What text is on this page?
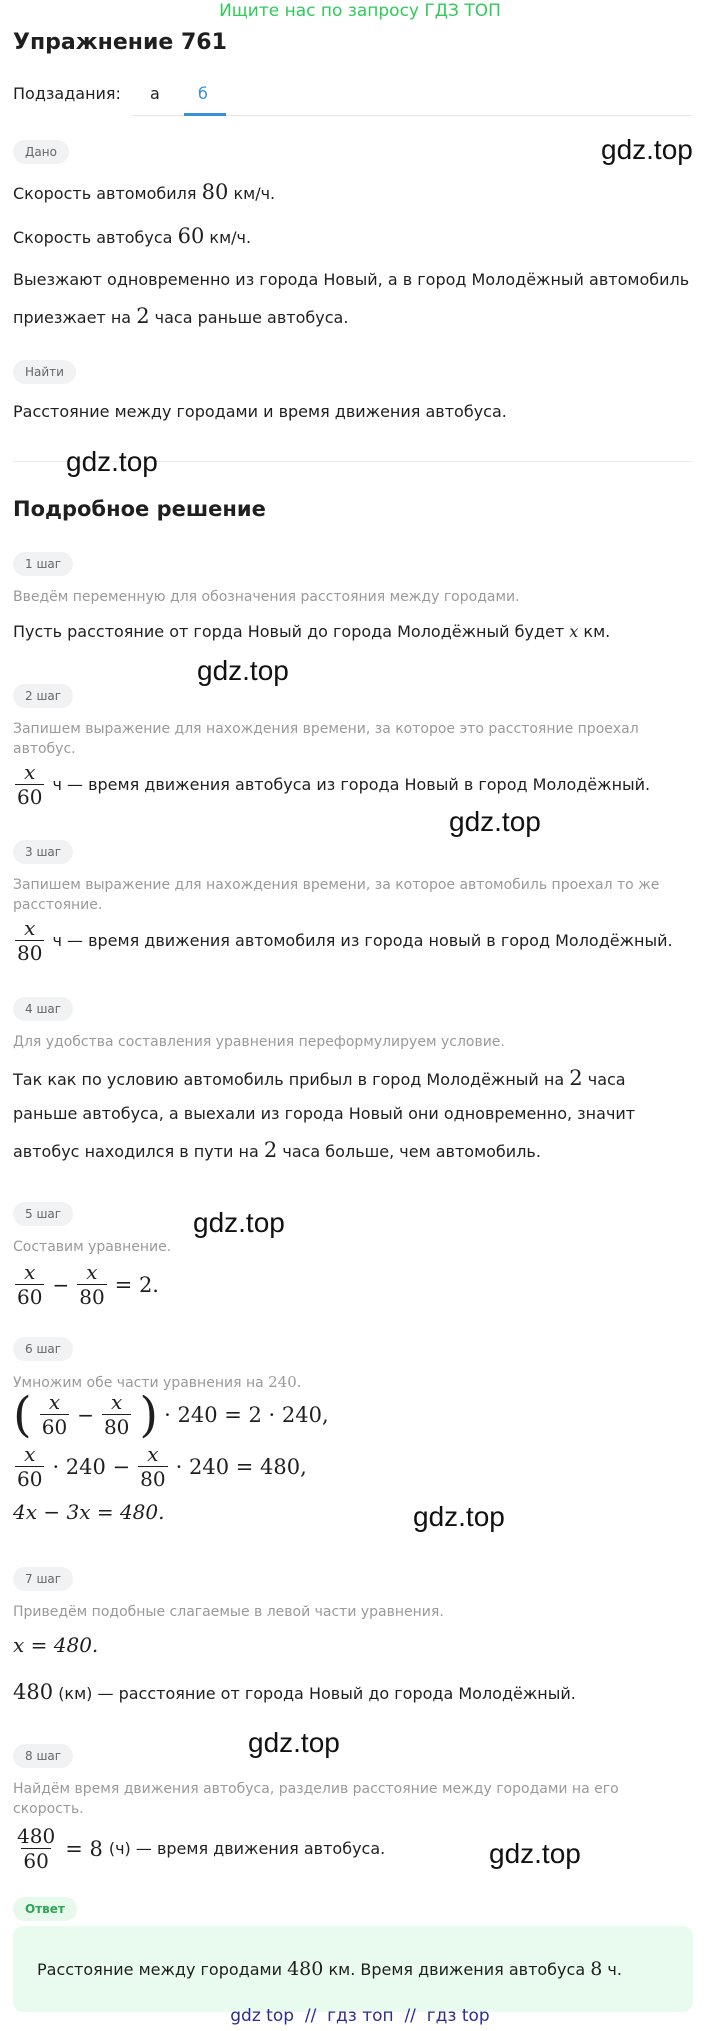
Ищите нас по запросу ГДЗ ТОП
Упражнение 761
Подзадания: а б
Дано
Скорость автомобиля 80 км/ч.
Скорость автобуса 60 км/ч.
Выезжают одновременно из города Новый, а в город Молодёжный автомобиль
приезжает на 2 часа раньше автобуса.
Найти
Расстояние между городами и время движения автобуса.
Подробное решение
1 шаг
Введём переменную для обозначения расстояния между городами.
Пусть расстояние от горда Новый до города Молодёжный будет x км.
2 шаг
Запишем выражение для нахождения времени, за которое это расстояние проехал автобус.
$\frac{x}{60}$ ч — время движения автобуса из города Новый в город Молодёжный.
3 шаг
Запишем выражение для нахождения времени, за которое автомобиль проехал то же расстояние.
$\frac{x}{80}$ ч — время движения автомобиля из города новый в город Молодёжный.
4 шаг
Для удобства составления уравнения переформулируем условие.
Так как по условию автомобиль прибыл в город Молодёжный на 2 часа
раньше автобуса, а выехали из города Новый они одновременно, значит
автобус находился в пути на 2 часа больше, чем автомобиль.
5 шаг
Составим уравнение.
$\frac{x}{60} - \frac{x}{80} = 2$.
6 шаг
Умножим обе части уравнения на 240.
( $\frac{x}{60} - \frac{x}{80}$ ) · 240 = 2 · 240,
$\frac{x}{60} \cdot 240 - \frac{x}{80} \cdot 240 = 480$,
4x − 3x = 480.
7 шаг
Приведём подобные слагаемые в левой части уравнения.
x = 480.
480 (км) — расстояние от города Новый до города Молодёжный.
8 шаг
Найдём время движения автобуса, разделив расстояние между городами на его скорость.
$\frac{480}{60} = 8$ (ч) — время движения автобуса.
Ответ
Расстояние между городами 480 км. Время движения автобуса 8 ч.
gdz.top
gdz.top
gdz.top
gdz.top
gdz.top
gdz.top
gdz.top
gdz.top
gdz top  //  гдз топ  //  гдз top
